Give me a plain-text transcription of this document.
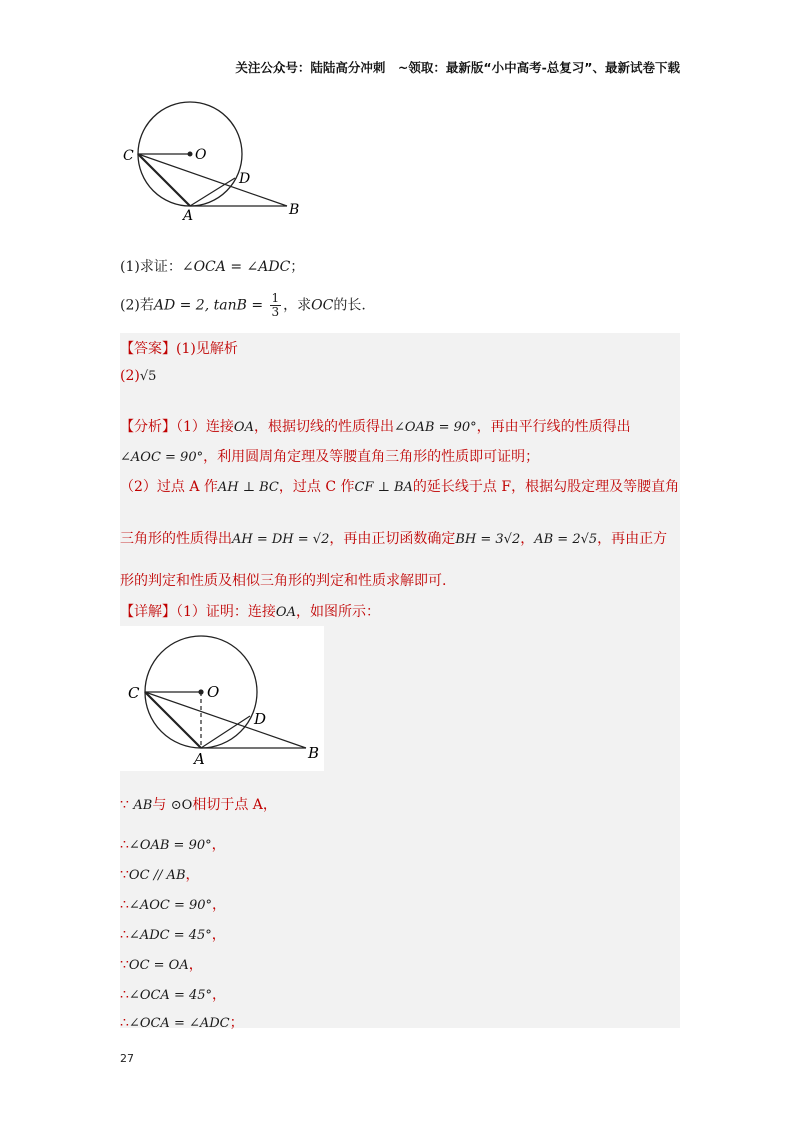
关注公众号：陆陆高分冲刺　~领取：最新版“小中高考-总复习”、最新试卷下载
C	O
D
A	B
(1)求证：∠OCA = ∠ADC；
(2)若AD = 2, $\tan B = \frac{1}{3}$ ，求OC的长.
【答案】(1)见解析
(2)√5
【分析】（1）连接OA，根据切线的性质得出∠OAB = 90°，再由平行线的性质得出
∠AOC = 90°，利用圆周角定理及等腰直角三角形的性质即可证明；
（2）过点 A 作AH ⊥ BC，过点 C 作CF ⊥ BA的延长线于点 F，根据勾股定理及等腰直角
三角形的性质得出AH = DH = √2，再由正切函数确定BH = 3√2，AB = 2√5，再由正方
形的判定和性质及相似三角形的判定和性质求解即可.
【详解】（1）证明：连接OA，如图所示：
C	O
D
A	B
∵ AB与 ⊙O相切于点 A，
∴∠OAB = 90°，
∵OC // AB，
∴∠AOC = 90°，
∴∠ADC = 45°，
∵OC = OA，
∴∠OCA = 45°，
∴∠OCA = ∠ADC；
27
